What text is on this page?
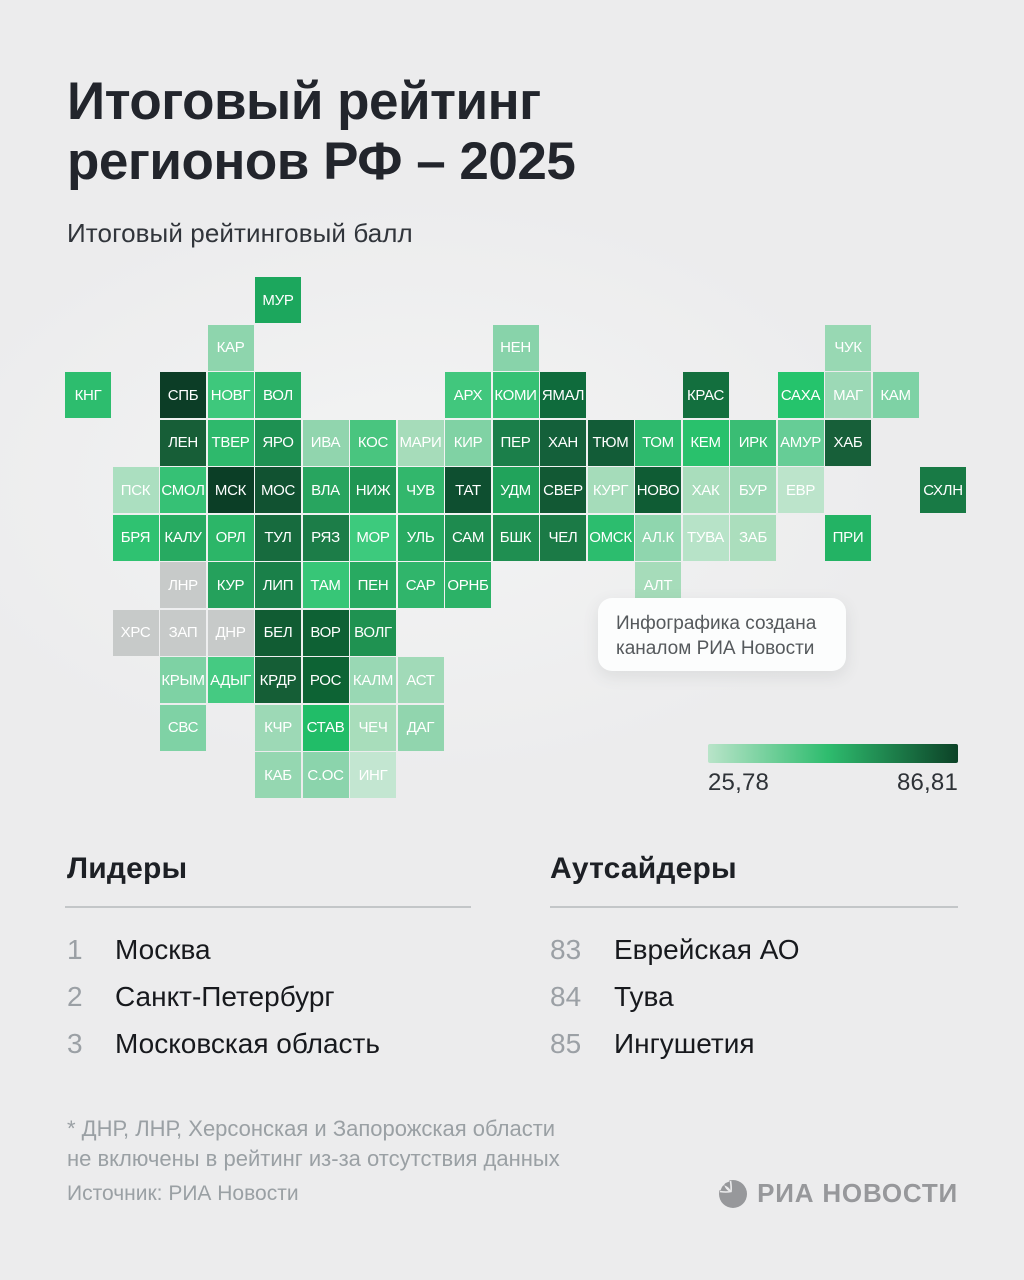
Итоговый рейтинг
регионов РФ – 2025
Итоговый рейтинговый балл
МУР
КАР	НЕН	ЧУК
КНГ	СПБ НОВГ ВОЛ	АРХ КОМИ ЯМАЛ	КРАС	САХА МАГ КАМ
ЛЕН ТВЕР ЯРО ИВА КОС МАРИ КИР ПЕР ХАН ТЮМ ТОМ КЕМ ИРК АМУР ХАБ
ПСК СМОЛ МСК МОС ВЛА НИЖ ЧУВ ТАТ УДМ СВЕР КУРГ НОВО ХАК БУР ЕВР	СХЛН
БРЯ КАЛУ ОРЛ ТУЛ РЯЗ МОР УЛЬ САМ БШК ЧЕЛ ОМСК АЛ.К ТУВА ЗАБ	ПРИ
ЛНР КУР ЛИП ТАМ ПЕН САР ОРНБ	АЛТ
ХРС ЗАП ДНР БЕЛ ВОР ВОЛГ
КРЫМ АДЫГ КРДР РОС КАЛМ АСТ
СВС	КЧР СТАВ ЧЕЧ ДАГ
КАБ С.ОС ИНГ
Инфографика создана
каналом РИА Новости
25,78	86,81
Лидеры	Аутсайдеры
1	Москва
2	Санкт-Петербург
3	Московская область
83	Еврейская АО
84	Тува
85	Ингушетия
* ДНР, ЛНР, Херсонская и Запорожская области
не включены в рейтинг из-за отсутствия данных
Источник: РИА Новости	РИА НОВОСТИ
